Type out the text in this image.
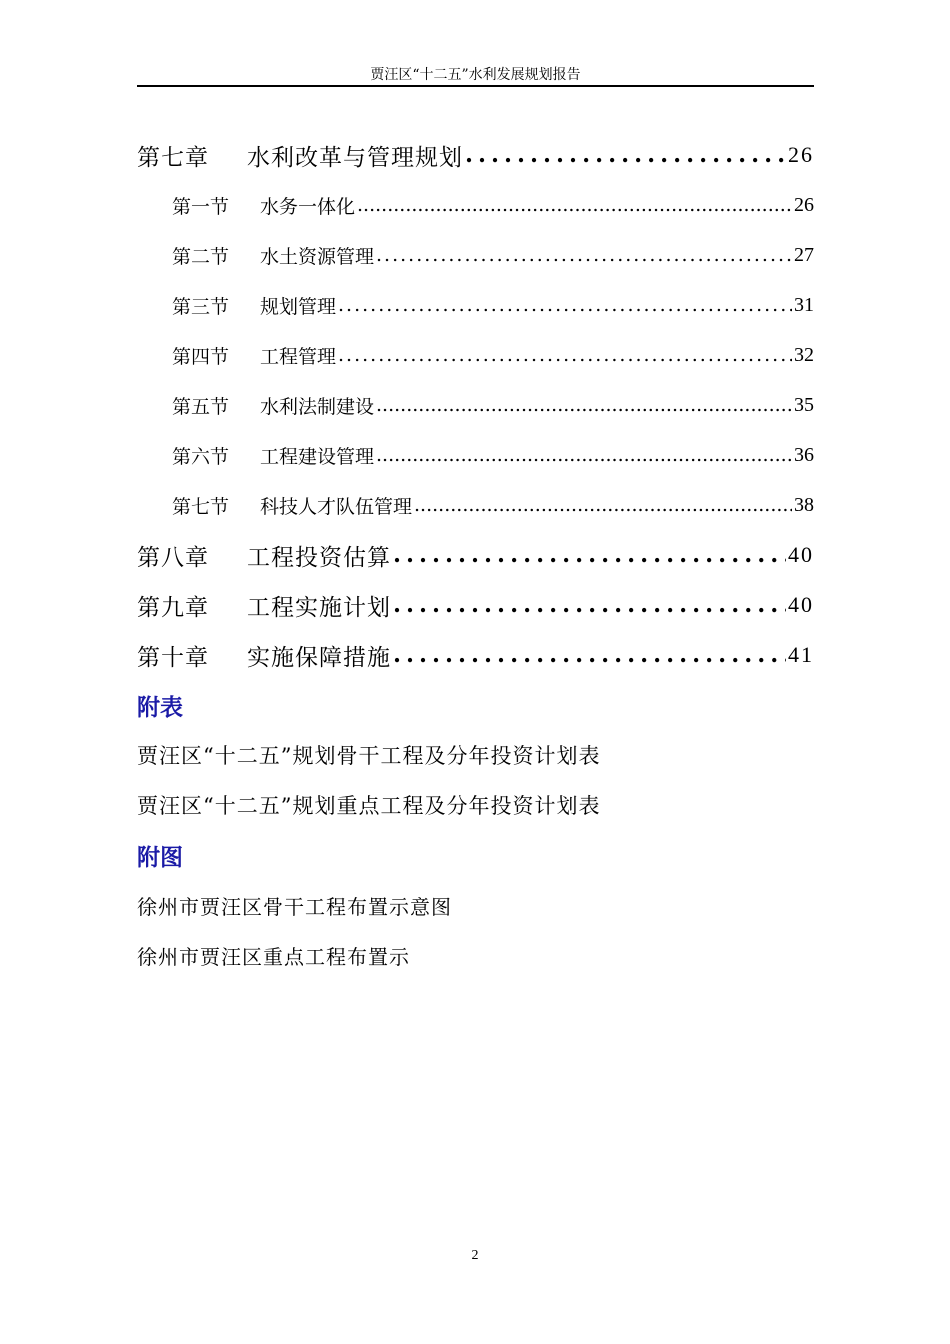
贾汪区“十二五”水利发展规划报告
第七章	水利改革与管理规划 .....	26
第一节	水务一体化 .....	26
第二节	水土资源管理 .....	27
第三节	规划管理 .....	31
第四节	工程管理 .....	32
第五节	水利法制建设 .....	35
第六节	工程建设管理 .....	36
第七节	科技人才队伍管理 .....	38
第八章	工程投资估算 .....	40
第九章	工程实施计划 .....	40
第十章	实施保障措施 .....	41
附表
贾汪区“十二五”规划骨干工程及分年投资计划表
贾汪区“十二五”规划重点工程及分年投资计划表
附图
徐州市贾汪区骨干工程布置示意图
徐州市贾汪区重点工程布置示
2
